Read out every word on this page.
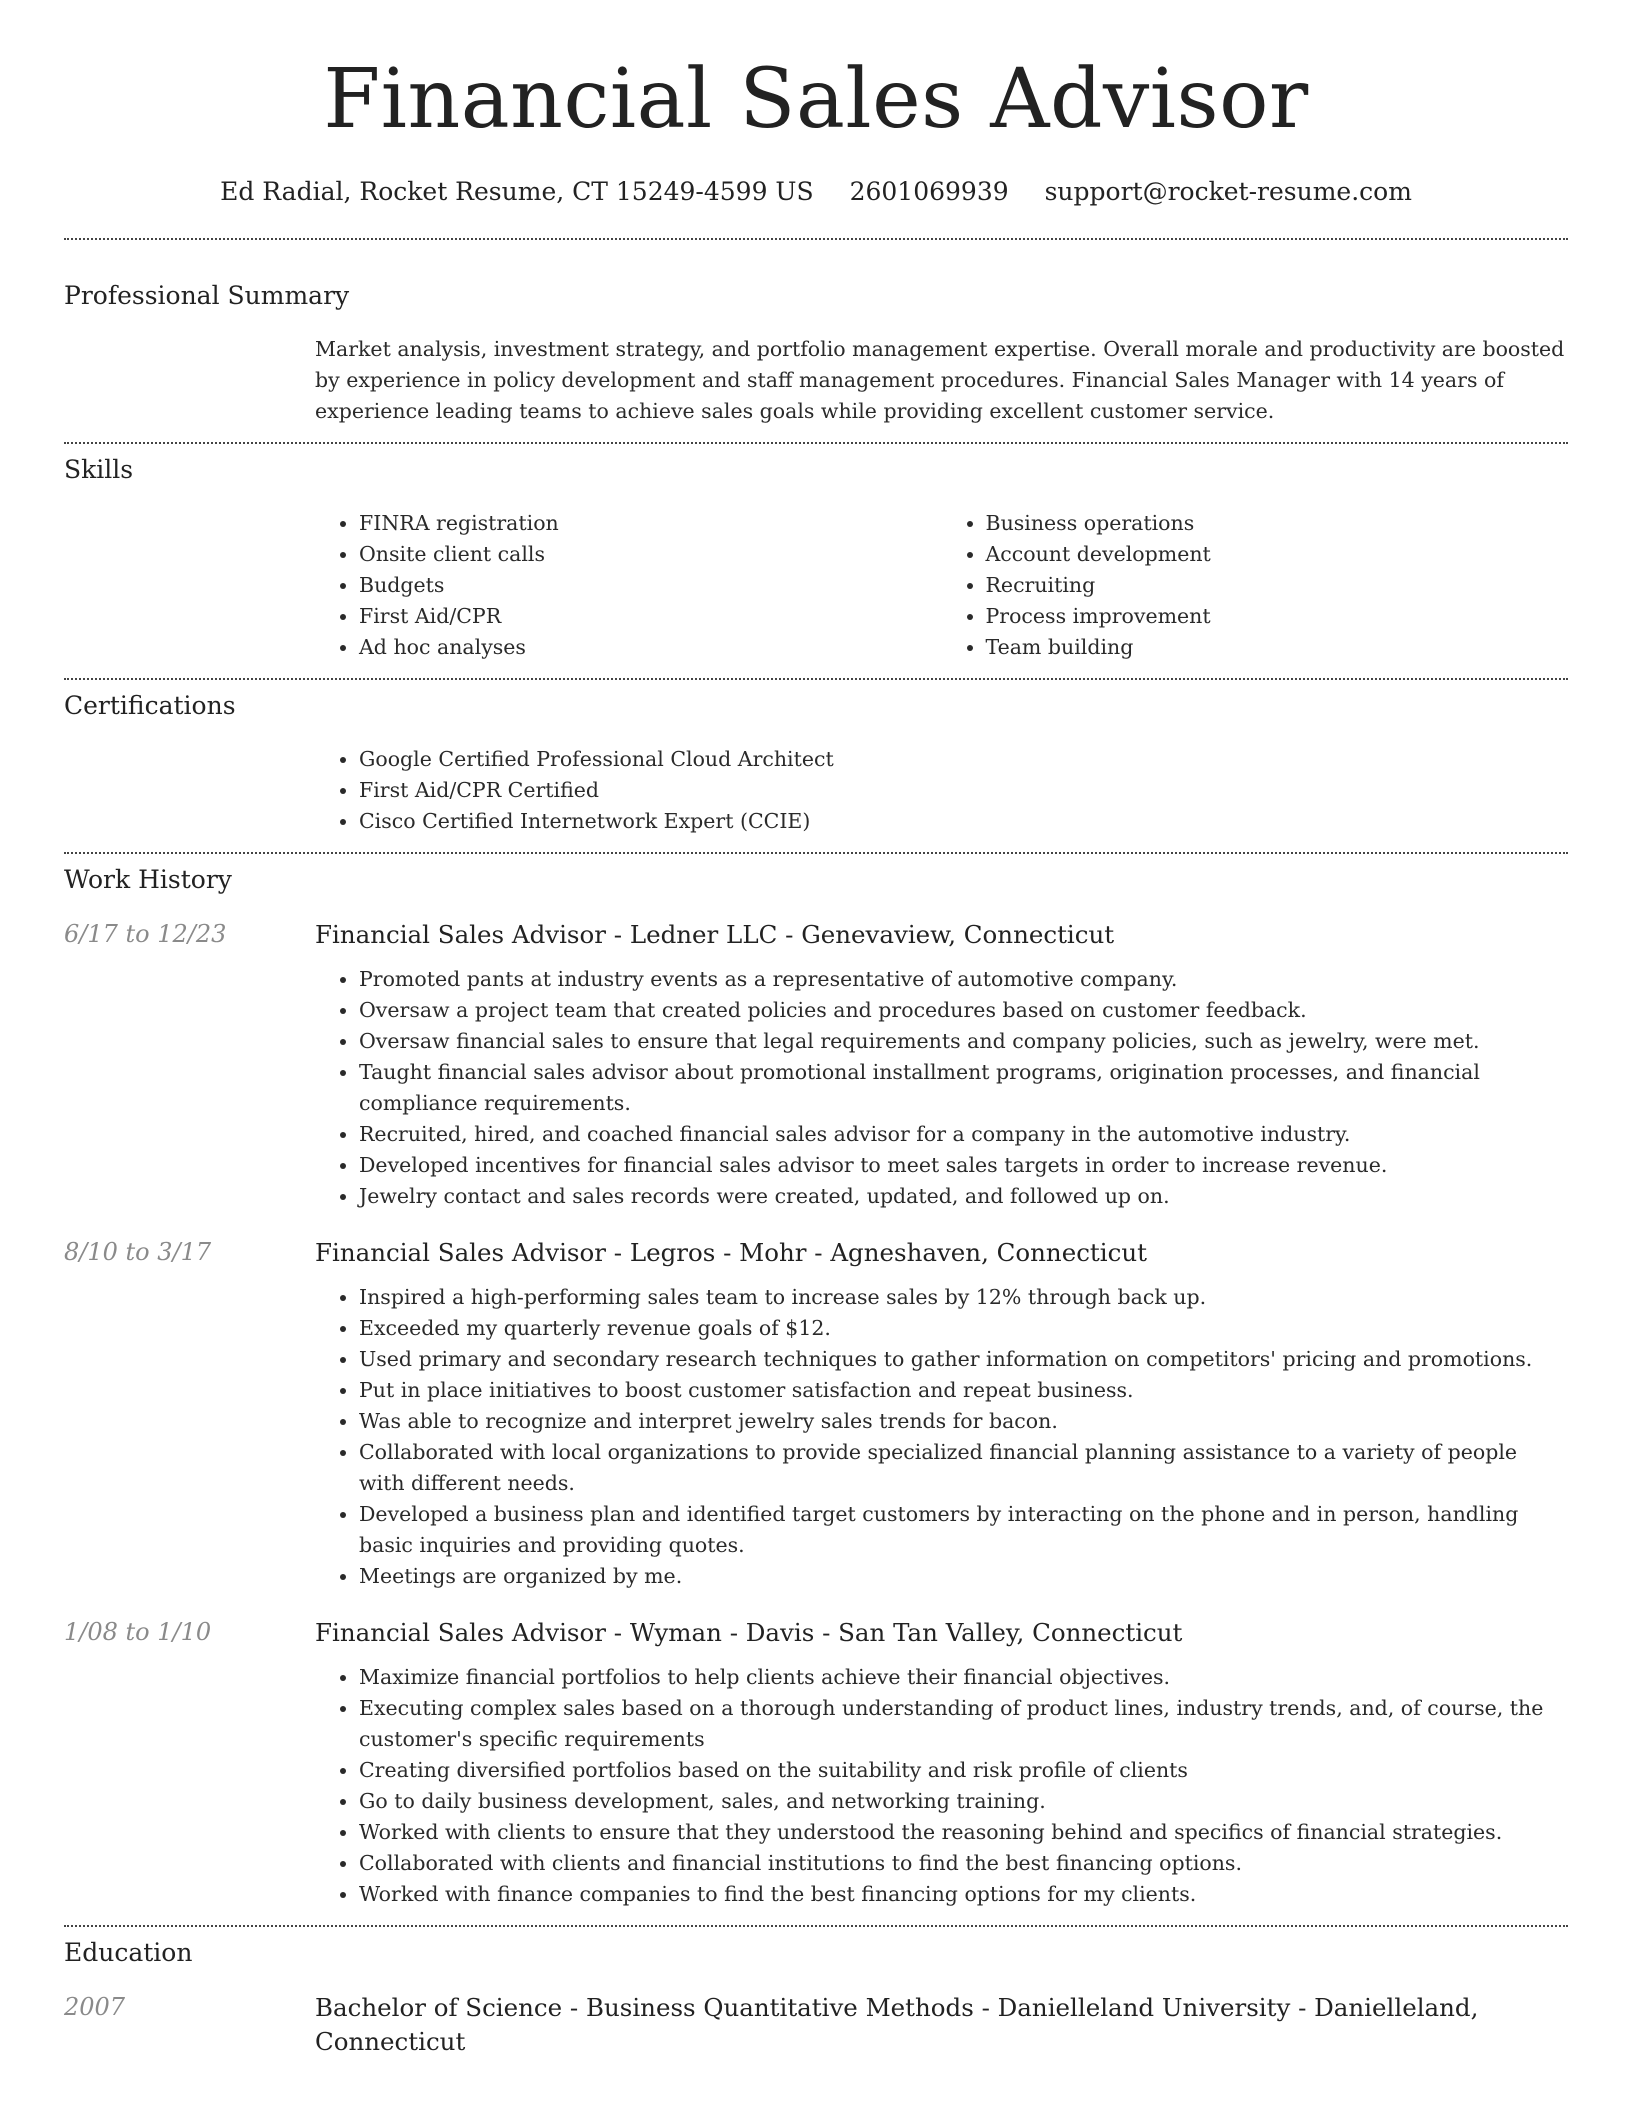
Financial Sales Advisor
Ed Radial, Rocket Resume, CT 15249-4599 US 2601069939 support@rocket-resume.com
Professional Summary

Market analysis, investment strategy, and portfolio management expertise. Overall morale and productivity are boosted by experience in policy development and staff management procedures. Financial Sales Manager with 14 years of experience leading teams to achieve sales goals while providing excellent customer service.

Skills
• FINRA registration
• Onsite client calls
• Budgets
• First Aid/CPR
• Ad hoc analyses
• Business operations
• Account development
• Recruiting
• Process improvement
• Team building
Certifications
• Google Certified Professional Cloud Architect
• First Aid/CPR Certified
• Cisco Certified Internetwork Expert (CCIE)
Work History
6/17 to 12/23	Financial Sales Advisor - Ledner LLC - Genevaview, Connecticut

• Promoted pants at industry events as a representative of automotive company.
• Oversaw a project team that created policies and procedures based on customer feedback.
• Oversaw financial sales to ensure that legal requirements and company policies, such as jewelry, were met.
• Taught financial sales advisor about promotional installment programs, origination processes, and financial compliance requirements.
• Recruited, hired, and coached financial sales advisor for a company in the automotive industry.
• Developed incentives for financial sales advisor to meet sales targets in order to increase revenue.
• Jewelry contact and sales records were created, updated, and followed up on.
8/10 to 3/17	Financial Sales Advisor - Legros - Mohr - Agneshaven, Connecticut

• Inspired a high-performing sales team to increase sales by 12% through back up.
• Exceeded my quarterly revenue goals of $12.
• Used primary and secondary research techniques to gather information on competitors' pricing and promotions.
• Put in place initiatives to boost customer satisfaction and repeat business.
• Was able to recognize and interpret jewelry sales trends for bacon.
• Collaborated with local organizations to provide specialized financial planning assistance to a variety of people with different needs.
• Developed a business plan and identified target customers by interacting on the phone and in person, handling basic inquiries and providing quotes.
• Meetings are organized by me.
1/08 to 1/10	Financial Sales Advisor - Wyman - Davis - San Tan Valley, Connecticut

• Maximize financial portfolios to help clients achieve their financial objectives.
• Executing complex sales based on a thorough understanding of product lines, industry trends, and, of course, the customer's specific requirements
• Creating diversified portfolios based on the suitability and risk profile of clients
• Go to daily business development, sales, and networking training.
• Worked with clients to ensure that they understood the reasoning behind and specifics of financial strategies.
• Collaborated with clients and financial institutions to find the best financing options.
• Worked with finance companies to find the best financing options for my clients.
Education
2007	Bachelor of Science - Business Quantitative Methods - Danielleland University - Danielleland, Connecticut
